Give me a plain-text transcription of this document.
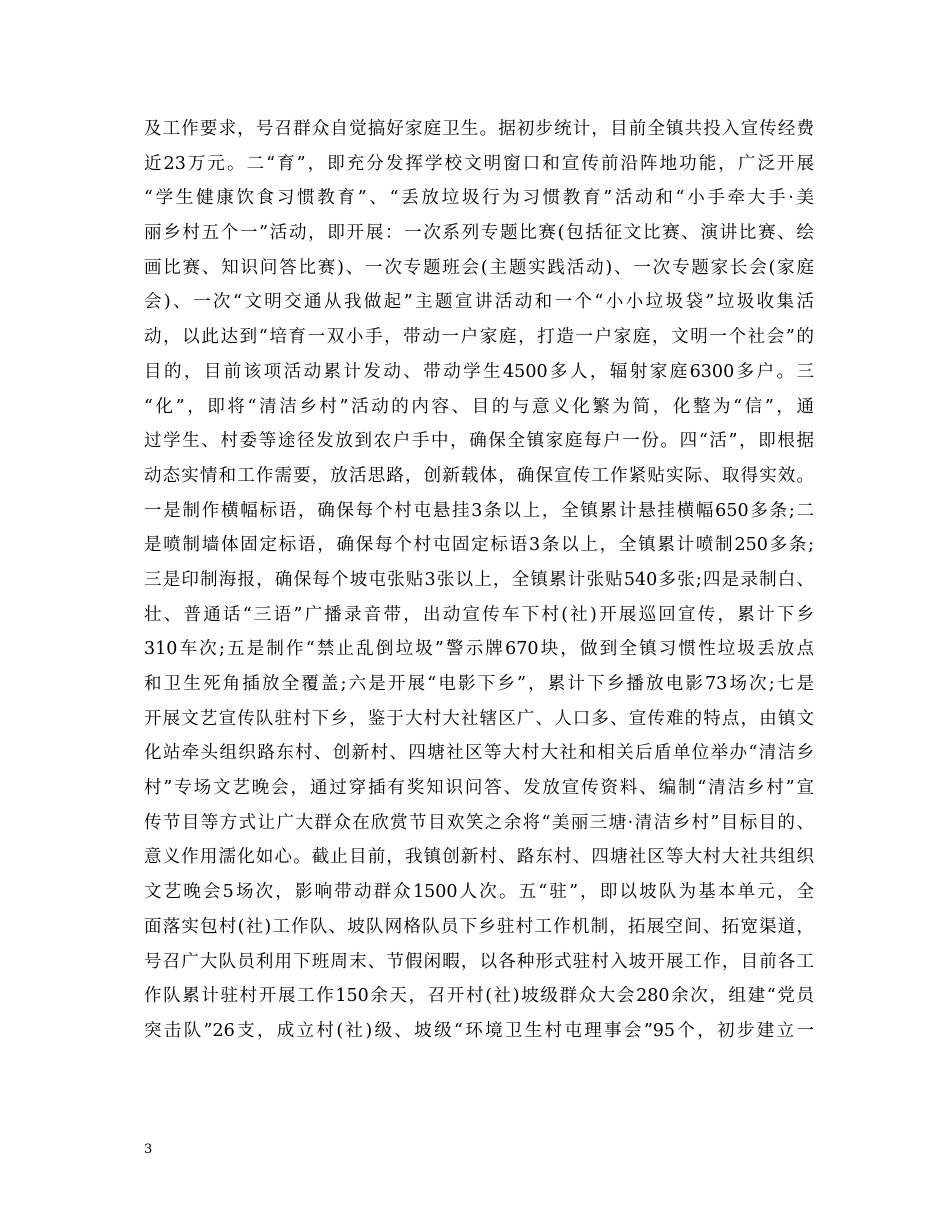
及工作要求，号召群众自觉搞好家庭卫生。据初步统计，目前全镇共投入宣传经费
近23万元。二“育”，即充分发挥学校文明窗口和宣传前沿阵地功能，广泛开展
“学生健康饮食习惯教育”、“丢放垃圾行为习惯教育”活动和“小手牵大手·美
丽乡村五个一”活动，即开展：一次系列专题比赛(包括征文比赛、演讲比赛、绘
画比赛、知识问答比赛)、一次专题班会(主题实践活动)、一次专题家长会(家庭
会)、一次“文明交通从我做起”主题宣讲活动和一个“小小垃圾袋”垃圾收集活
动，以此达到“培育一双小手，带动一户家庭，打造一户家庭，文明一个社会”的
目的，目前该项活动累计发动、带动学生4500多人，辐射家庭6300多户。三
“化”，即将“清洁乡村”活动的内容、目的与意义化繁为简，化整为“信”，通
过学生、村委等途径发放到农户手中，确保全镇家庭每户一份。四“活”，即根据
动态实情和工作需要，放活思路，创新载体，确保宣传工作紧贴实际、取得实效。
一是制作横幅标语，确保每个村屯悬挂3条以上，全镇累计悬挂横幅650多条;二
是喷制墙体固定标语，确保每个村屯固定标语3条以上，全镇累计喷制250多条;
三是印制海报，确保每个坡屯张贴3张以上，全镇累计张贴540多张;四是录制白、
壮、普通话“三语”广播录音带，出动宣传车下村(社)开展巡回宣传，累计下乡
310车次;五是制作“禁止乱倒垃圾”警示牌670块，做到全镇习惯性垃圾丢放点
和卫生死角插放全覆盖;六是开展“电影下乡”，累计下乡播放电影73场次;七是
开展文艺宣传队驻村下乡，鉴于大村大社辖区广、人口多、宣传难的特点，由镇文
化站牵头组织路东村、创新村、四塘社区等大村大社和相关后盾单位举办“清洁乡
村”专场文艺晚会，通过穿插有奖知识问答、发放宣传资料、编制“清洁乡村”宣
传节目等方式让广大群众在欣赏节目欢笑之余将“美丽三塘·清洁乡村”目标目的、
意义作用濡化如心。截止目前，我镇创新村、路东村、四塘社区等大村大社共组织
文艺晚会5场次，影响带动群众1500人次。五“驻”，即以坡队为基本单元，全
面落实包村(社)工作队、坡队网格队员下乡驻村工作机制，拓展空间、拓宽渠道，
号召广大队员利用下班周末、节假闲暇，以各种形式驻村入坡开展工作，目前各工
作队累计驻村开展工作150余天，召开村(社)坡级群众大会280余次，组建“党员
突击队”26支，成立村(社)级、坡级“环境卫生村屯理事会”95个，初步建立一
3
